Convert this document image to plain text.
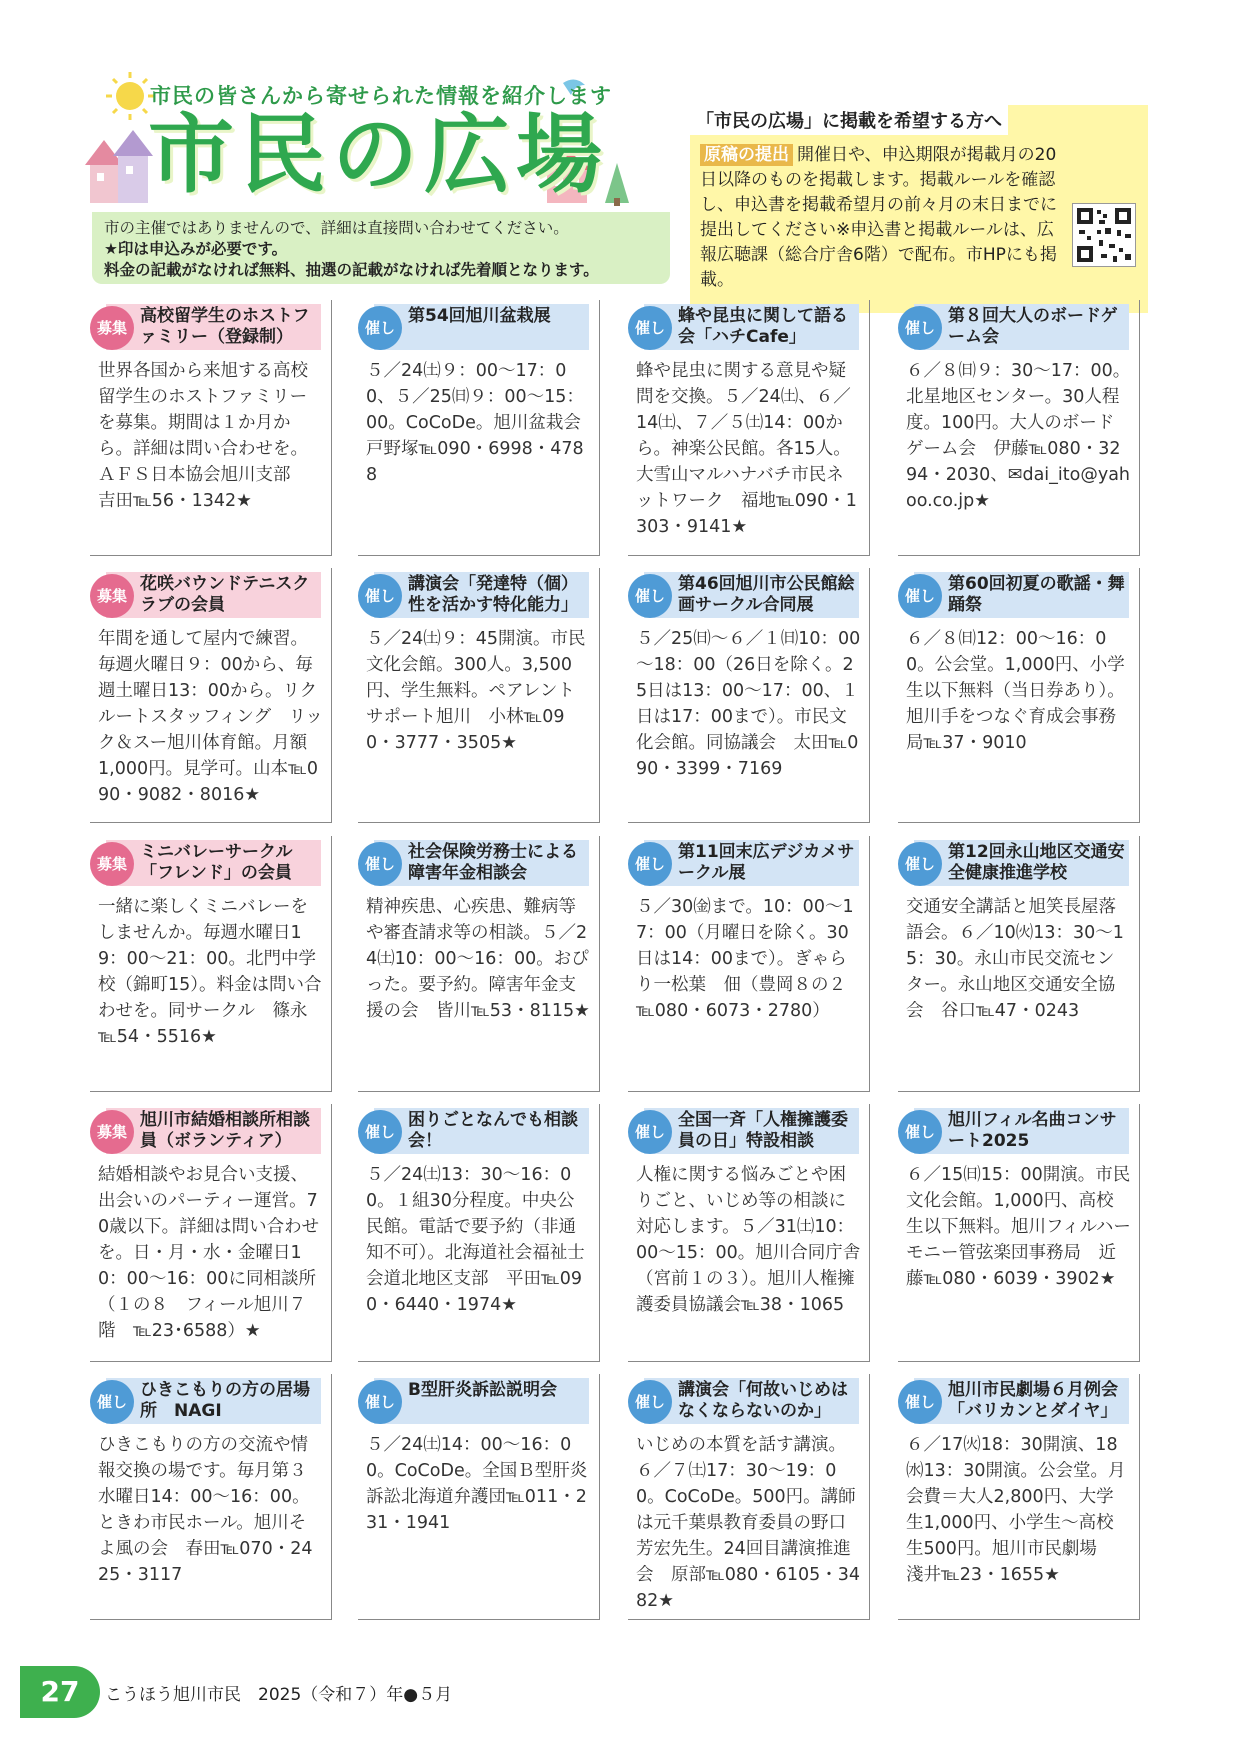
市民の皆さんから寄せられた情報を紹介します
市民の広場
市の主催ではありませんので、詳細は直接問い合わせてください。
★印は申込みが必要です。
料金の記載がなければ無料、抽選の記載がなければ先着順となります。
「市民の広場」に掲載を希望する方へ
原稿の提出 開催日や、申込期限が掲載月の20日以降のものを掲載します。掲載ルールを確認し、申込書を掲載希望月の前々月の末日までに提出してください※申込書と掲載ルールは、広報広聴課（総合庁舎6階）で配布。市HPにも掲載。
募集
高校留学生のホストファミリー（登録制）
世界各国から来旭する高校留学生のホストファミリーを募集。期間は１か月から。詳細は問い合わせを。ＡＦＳ日本協会旭川支部　吉田℡56・1342★
催し
第54回旭川盆栽展
５／24㈯９：00～17：00、５／25㈰９：00～15：00。CoCoDe。旭川盆栽会　戸野塚℡090・6998・4788
催し
蜂や昆虫に関して語る会「ハチCafe」
蜂や昆虫に関する意見や疑問を交換。５／24㈯、６／14㈯、７／５㈯14：00から。神楽公民館。各15人。大雪山マルハナバチ市民ネットワーク　福地℡090・1303・9141★
催し
第８回大人のボードゲーム会
６／８㈰９：30～17：00。北星地区センター。30人程度。100円。大人のボードゲーム会　伊藤℡080・3294・2030、✉dai_ito@yahoo.co.jp★
募集
花咲バウンドテニスクラブの会員
年間を通して屋内で練習。毎週火曜日９：00から、毎週土曜日13：00から。リクルートスタッフィング　リック＆スー旭川体育館。月額1,000円。見学可。山本℡090・9082・8016★
催し
講演会「発達特（個）性を活かす特化能力」
５／24㈯９：45開演。市民文化会館。300人。3,500円、学生無料。ペアレントサポート旭川　小林℡090・3777・3505★
催し
第46回旭川市公民館絵画サークル合同展
５／25㈰～６／１㈰10：00～18：00（26日を除く。25日は13：00～17：00、１日は17：00まで）。市民文化会館。同協議会　太田℡090・3399・7169
催し
第60回初夏の歌謡・舞踊祭
６／８㈰12：00～16：00。公会堂。1,000円、小学生以下無料（当日券あり）。旭川手をつなぐ育成会事務局℡37・9010
募集
ミニバレーサークル「フレンド」の会員
一緒に楽しくミニバレーをしませんか。毎週水曜日19：00～21：00。北門中学校（錦町15）。料金は問い合わせを。同サークル　篠永℡54・5516★
催し
社会保険労務士による障害年金相談会
精神疾患、心疾患、難病等や審査請求等の相談。５／24㈯10：00～16：00。おぴった。要予約。障害年金支援の会　皆川℡53・8115★
催し
第11回末広デジカメサークル展
５／30㈮まで。10：00～17：00（月曜日を除く。30日は14：00まで）。ぎゃらり一松葉　佃（豊岡８の２℡080・6073・2780）
催し
第12回永山地区交通安全健康推進学校
交通安全講話と旭笑長屋落語会。６／10㈫13：30～15：30。永山市民交流センター。永山地区交通安全協会　谷口℡47・0243
募集
旭川市結婚相談所相談員（ボランティア）
結婚相談やお見合い支援、出会いのパーティー運営。70歳以下。詳細は問い合わせを。日・月・水・金曜日10：00～16：00に同相談所（１の８　フィール旭川７階　℡23･6588）★
催し
困りごとなんでも相談会！
５／24㈯13：30～16：00。１組30分程度。中央公民館。電話で要予約（非通知不可）。北海道社会福祉士会道北地区支部　平田℡090・6440・1974★
催し
全国一斉「人権擁護委員の日」特設相談
人権に関する悩みごとや困りごと、いじめ等の相談に対応します。５／31㈯10：00～15：00。旭川合同庁舎（宮前１の３）。旭川人権擁護委員協議会℡38・1065
催し
旭川フィル名曲コンサート2025
６／15㈰15：00開演。市民文化会館。1,000円、高校生以下無料。旭川フィルハーモニー管弦楽団事務局　近藤℡080・6039・3902★
催し
ひきこもりの方の居場所　NAGI
ひきこもりの方の交流や情報交換の場です。毎月第３水曜日14：00～16：00。ときわ市民ホール。旭川そよ風の会　春田℡070・2425・3117
催し
B型肝炎訴訟説明会
５／24㈯14：00～16：00。CoCoDe。全国Ｂ型肝炎訴訟北海道弁護団℡011・231・1941
催し
講演会「何故いじめはなくならないのか」
いじめの本質を話す講演。６／７㈯17：30～19：00。CoCoDe。500円。講師は元千葉県教育委員の野口芳宏先生。24回目講演推進会　原部℡080・6105・3482★
催し
旭川市民劇場６月例会「バリカンとダイヤ」
６／17㈫18：30開演、18㈬13：30開演。公会堂。月会費＝大人2,800円、大学生1,000円、小学生～高校生500円。旭川市民劇場　淺井℡23・1655★
27	こうほう旭川市民　2025（令和７）年●５月
